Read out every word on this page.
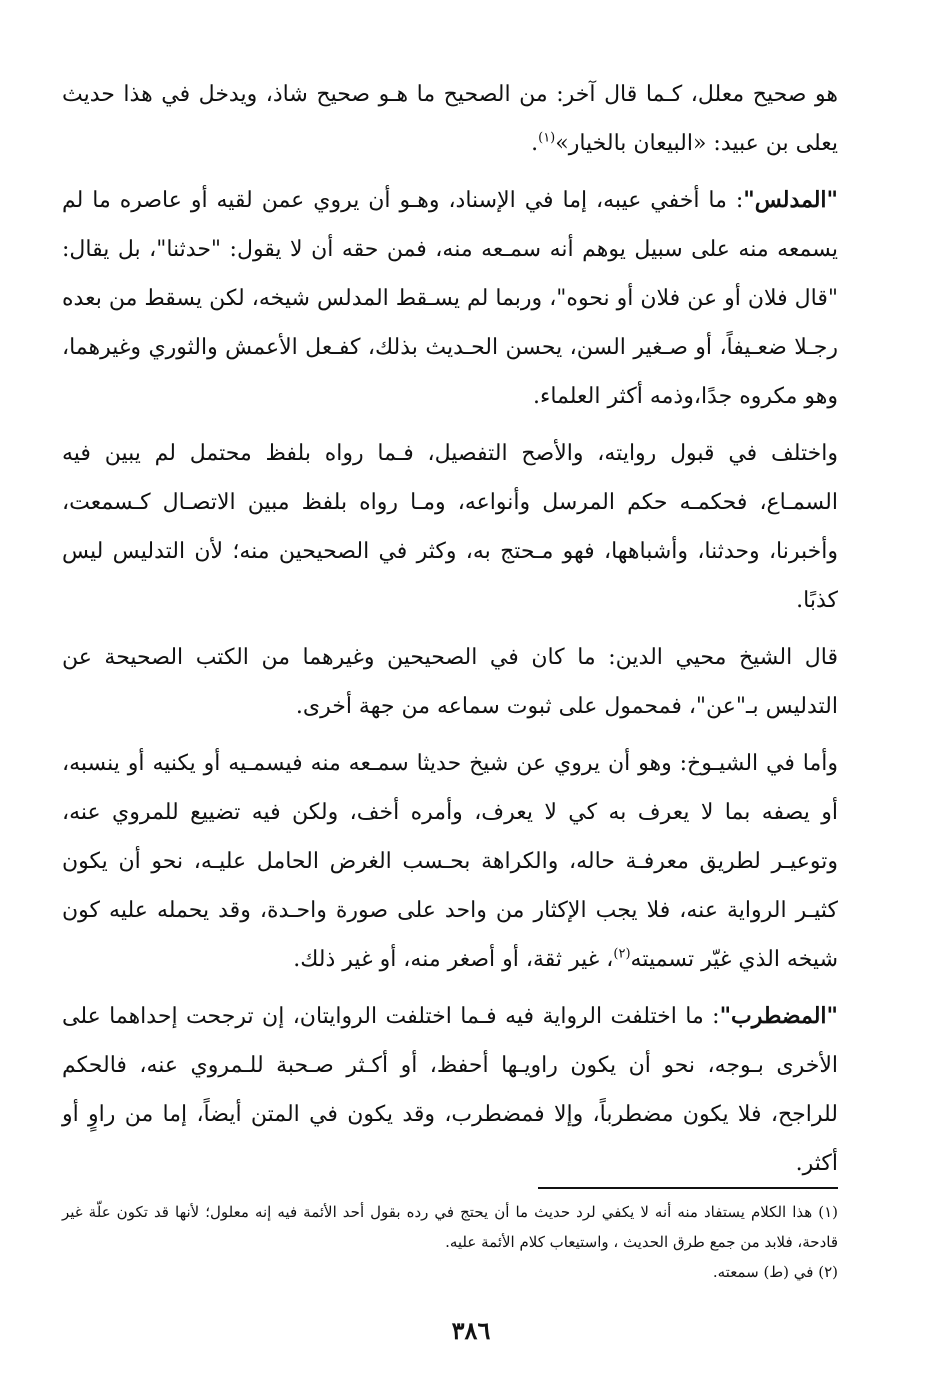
هو صحيح معلل، كـما قال آخر: من الصحيح ما هـو صحيح شاذ، ويدخل في هذا حديث يعلى بن عبيد: «البيعان بالخيار»$^{(١)}$.

"المدلس": ما أخفي عيبه، إما في الإسناد، وهـو أن يروي عمن لقيه أو عاصره ما لم يسمعه منه على سبيل يوهم أنه سمـعه منه، فمن حقه أن لا يقول: "حدثنا"، بل يقال: "قال فلان أو عن فلان أو نحوه"، وربما لم يسـقط المدلس شيخه، لكن يسقط من بعده رجـلا ضعـيفاً، أو صـغير السن، يحسن الحـديث بذلك، كفـعل الأعمش والثوري وغيرهما، وهو مكروه جدًا،وذمه أكثر العلماء.

واختلف في قبول روايته، والأصح التفصيل، فـما رواه بلفظ محتمل لم يبين فيه السمـاع، فحكمـه حكم المرسل وأنواعه، ومـا رواه بلفظ مبين الاتصـال كـسمعت، وأخبرنا، وحدثنا، وأشباهها، فهو مـحتج به، وكثر في الصحيحين منه؛ لأن التدليس ليس كذبًا.

قال الشيخ محيي الدين: ما كان في الصحيحين وغيرهما من الكتب الصحيحة عن التدليس بـ"عن"، فمحمول على ثبوت سماعه من جهة أخرى.

وأما في الشيـوخ: وهو أن يروي عن شيخ حديثا سمـعه منه فيسمـيه أو يكنيه أو ينسبه، أو يصفه بما لا يعرف به كي لا يعرف، وأمره أخف، ولكن فيه تضييع للمروي عنه، وتوعيـر لطريق معرفـة حاله، والكراهة بحـسب الغرض الحامل عليـه، نحو أن يكون كثيـر الرواية عنه، فلا يجب الإكثار من واحد على صورة واحـدة، وقد يحمله عليه كون شيخه الذي غيّر تسميته$^{(٢)}$، غير ثقة، أو أصغر منه، أو غير ذلك.

"المضطرب": ما اختلفت الرواية فيه فـما اختلفت الروايتان، إن ترجحت إحداهما على الأخرى بـوجه، نحو أن يكون راويـها أحفظ، أو أكـثر صـحبة للـمروي عنه، فالحكم للراجح، فلا يكون مضطرباً، وإلا فمضطرب، وقد يكون في المتن أيضاً، إما من راوٍ أو أكثر.

(١) هذا الكلام يستفاد منه أنه لا يكفي لرد حديث ما أن يحتج في رده بقول أحد الأئمة فيه إنه معلول؛ لأنها قد تكون علّة غير قادحة، فلابد من جمع طرق الحديث ، واستيعاب كلام الأئمة عليه.

(٢) في (ط) سمعته.

٣٨٦
